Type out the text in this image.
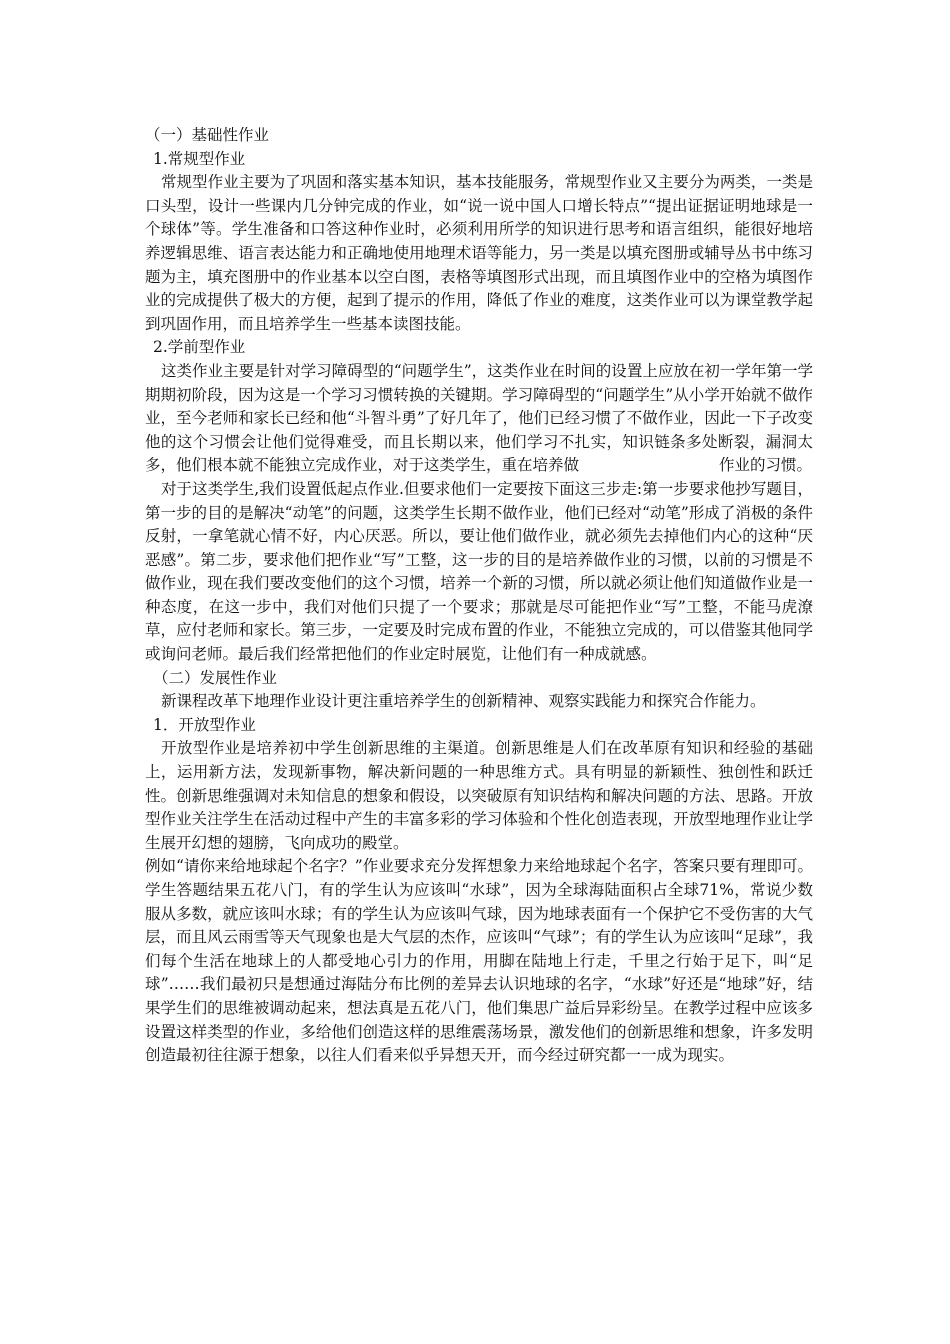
（一）基础性作业

1.常规型作业

常规型作业主要为了巩固和落实基本知识，基本技能服务，常规型作业又主要分为两类，一类是口头型，设计一些课内几分钟完成的作业，如“说一说中国人口增长特点”“提出证据证明地球是一个球体”等。学生准备和口答这种作业时，必须利用所学的知识进行思考和语言组织，能很好地培养逻辑思维、语言表达能力和正确地使用地理术语等能力，另一类是以填充图册或辅导丛书中练习题为主，填充图册中的作业基本以空白图，表格等填图形式出现，而且填图作业中的空格为填图作业的完成提供了极大的方便，起到了提示的作用，降低了作业的难度，这类作业可以为课堂教学起到巩固作用，而且培养学生一些基本读图技能。

2.学前型作业

这类作业主要是针对学习障碍型的“问题学生”，这类作业在时间的设置上应放在初一学年第一学期期初阶段，因为这是一个学习习惯转换的关键期。学习障碍型的“问题学生”从小学开始就不做作业，至今老师和家长已经和他“斗智斗勇”了好几年了，他们已经习惯了不做作业，因此一下子改变他的这个习惯会让他们觉得难受，而且长期以来，他们学习不扎实，知识链条多处断裂，漏洞太多，他们根本就不能独立完成作业，对于这类学生，重在培养做	作业的习惯。

对于这类学生,我们设置低起点作业.但要求他们一定要按下面这三步走:第一步要求他抄写题目，第一步的目的是解决“动笔”的问题，这类学生长期不做作业，他们已经对“动笔”形成了消极的条件反射，一拿笔就心情不好，内心厌恶。所以，要让他们做作业，就必须先去掉他们内心的这种“厌恶感”。第二步，要求他们把作业“写”工整，这一步的目的是培养做作业的习惯，以前的习惯是不做作业，现在我们要改变他们的这个习惯，培养一个新的习惯，所以就必须让他们知道做作业是一种态度，在这一步中，我们对他们只提了一个要求；那就是尽可能把作业“写”工整，不能马虎潦草，应付老师和家长。第三步，一定要及时完成布置的作业，不能独立完成的，可以借鉴其他同学或询问老师。最后我们经常把他们的作业定时展览，让他们有一种成就感。

（二）发展性作业

新课程改革下地理作业设计更注重培养学生的创新精神、观察实践能力和探究合作能力。

1．开放型作业

开放型作业是培养初中学生创新思维的主渠道。创新思维是人们在改革原有知识和经验的基础上，运用新方法，发现新事物，解决新问题的一种思维方式。具有明显的新颖性、独创性和跃迁性。创新思维强调对未知信息的想象和假设，以突破原有知识结构和解决问题的方法、思路。开放型作业关注学生在活动过程中产生的丰富多彩的学习体验和个性化创造表现，开放型地理作业让学生展开幻想的翅膀，飞向成功的殿堂。

例如“请你来给地球起个名字？”作业要求充分发挥想象力来给地球起个名字，答案只要有理即可。学生答题结果五花八门，有的学生认为应该叫“水球”，因为全球海陆面积占全球71%，常说少数服从多数，就应该叫水球；有的学生认为应该叫气球，因为地球表面有一个保护它不受伤害的大气层，而且风云雨雪等天气现象也是大气层的杰作，应该叫“气球”；有的学生认为应该叫“足球”，我们每个生活在地球上的人都受地心引力的作用，用脚在陆地上行走，千里之行始于足下，叫“足球”……我们最初只是想通过海陆分布比例的差异去认识地球的名字，“水球”好还是“地球”好，结果学生们的思维被调动起来，想法真是五花八门，他们集思广益后异彩纷呈。在教学过程中应该多设置这样类型的作业，多给他们创造这样的思维震荡场景，激发他们的创新思维和想象，许多发明创造最初往往源于想象，以往人们看来似乎异想天开，而今经过研究都一一成为现实。
